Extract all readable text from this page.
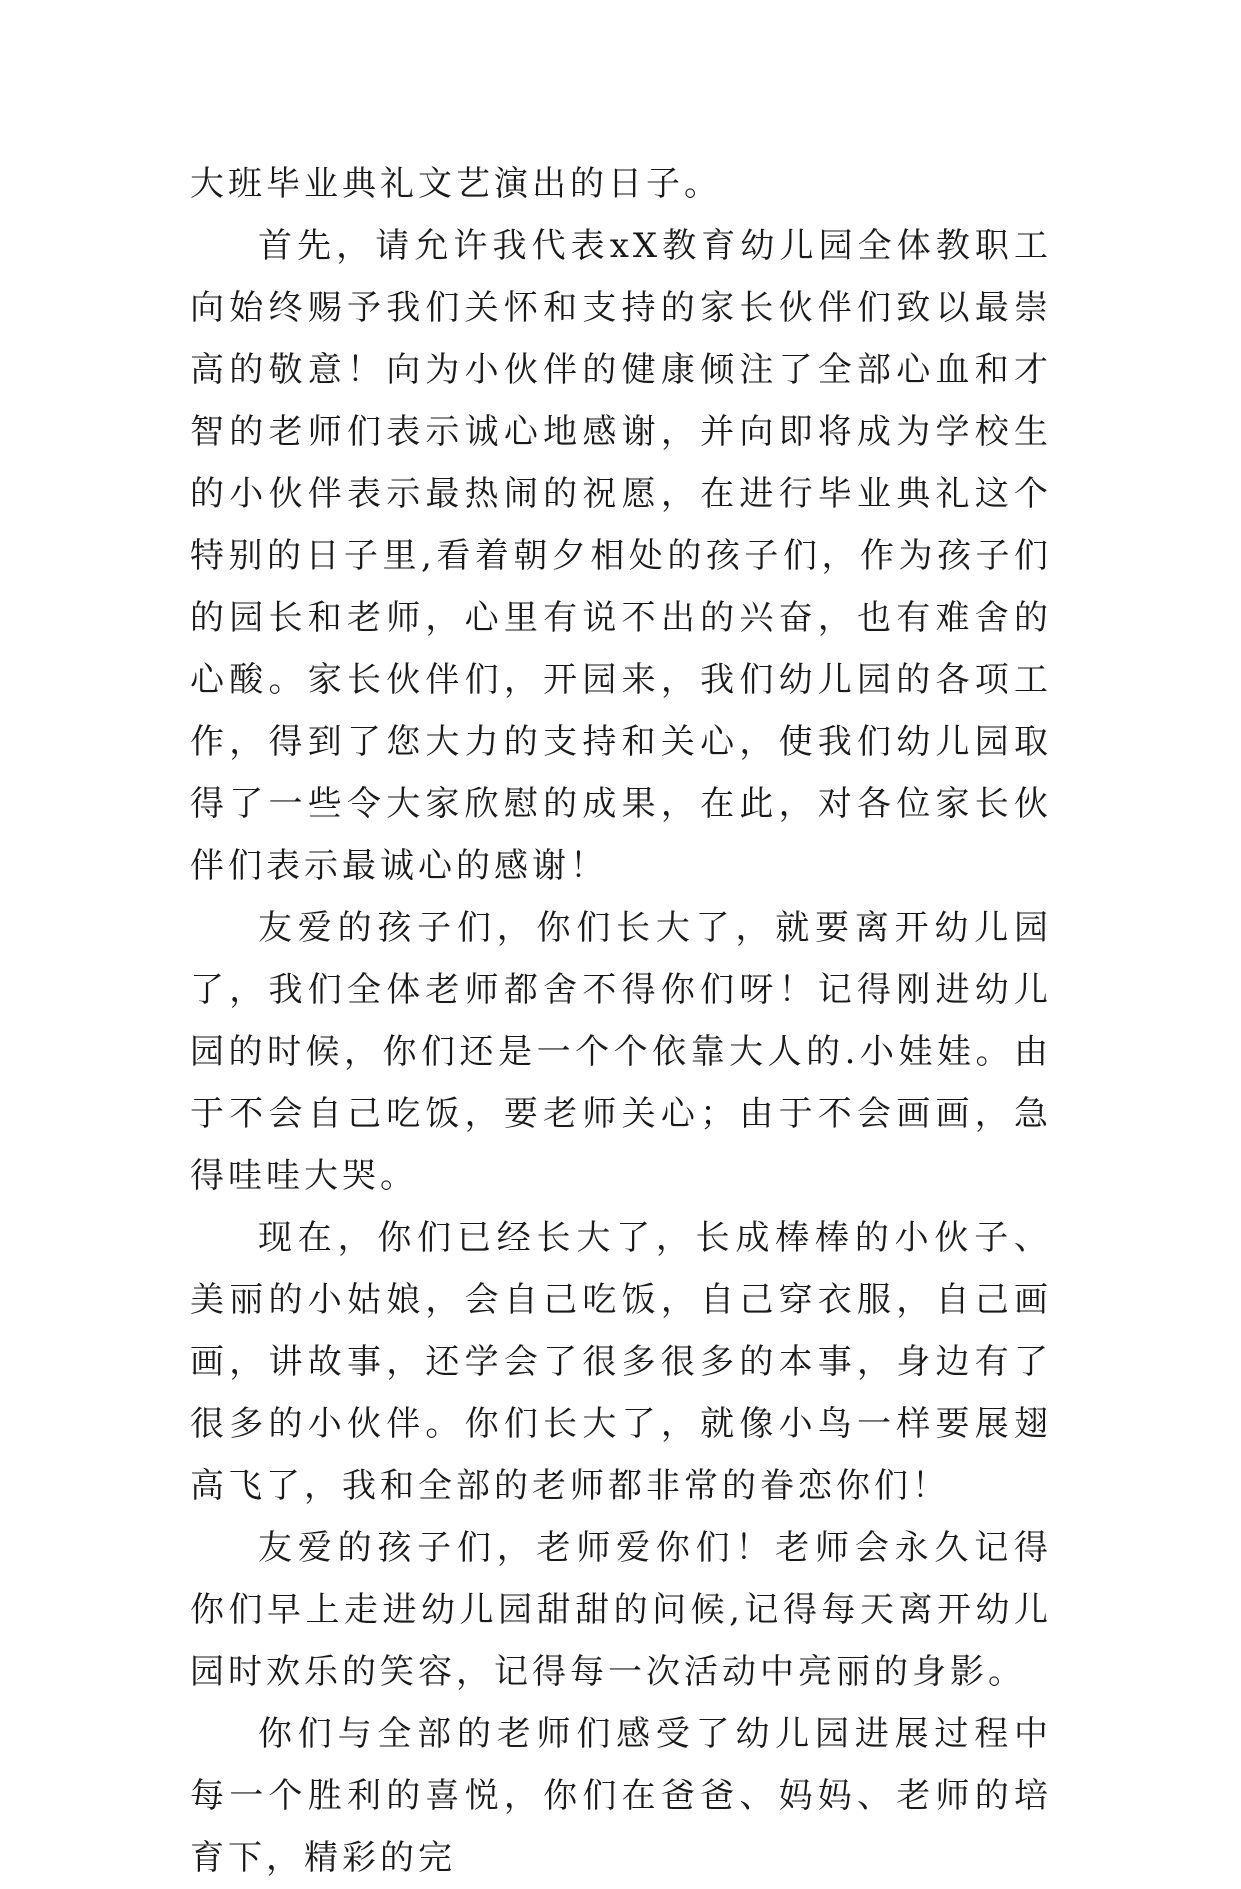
大班毕业典礼文艺演出的日子。

首先，请允许我代表xX教育幼儿园全体教职工向始终赐予我们关怀和支持的家长伙伴们致以最崇高的敬意！向为小伙伴的健康倾注了全部心血和才智的老师们表示诚心地感谢，并向即将成为学校生的小伙伴表示最热闹的祝愿，在进行毕业典礼这个特别的日子里,看着朝夕相处的孩子们，作为孩子们的园长和老师，心里有说不出的兴奋，也有难舍的心酸。家长伙伴们，开园来，我们幼儿园的各项工作，得到了您大力的支持和关心，使我们幼儿园取得了一些令大家欣慰的成果，在此，对各位家长伙伴们表示最诚心的感谢！

友爱的孩子们，你们长大了，就要离开幼儿园了，我们全体老师都舍不得你们呀！记得刚进幼儿园的时候，你们还是一个个依靠大人的.小娃娃。由于不会自己吃饭，要老师关心；由于不会画画，急得哇哇大哭。

现在，你们已经长大了，长成棒棒的小伙子、美丽的小姑娘，会自己吃饭，自己穿衣服，自己画画，讲故事，还学会了很多很多的本事，身边有了很多的小伙伴。你们长大了，就像小鸟一样要展翅高飞了，我和全部的老师都非常的眷恋你们！

友爱的孩子们，老师爱你们！老师会永久记得你们早上走进幼儿园甜甜的问候,记得每天离开幼儿园时欢乐的笑容，记得每一次活动中亮丽的身影。

你们与全部的老师们感受了幼儿园进展过程中每一个胜利的喜悦，你们在爸爸、妈妈、老师的培育下，精彩的完
